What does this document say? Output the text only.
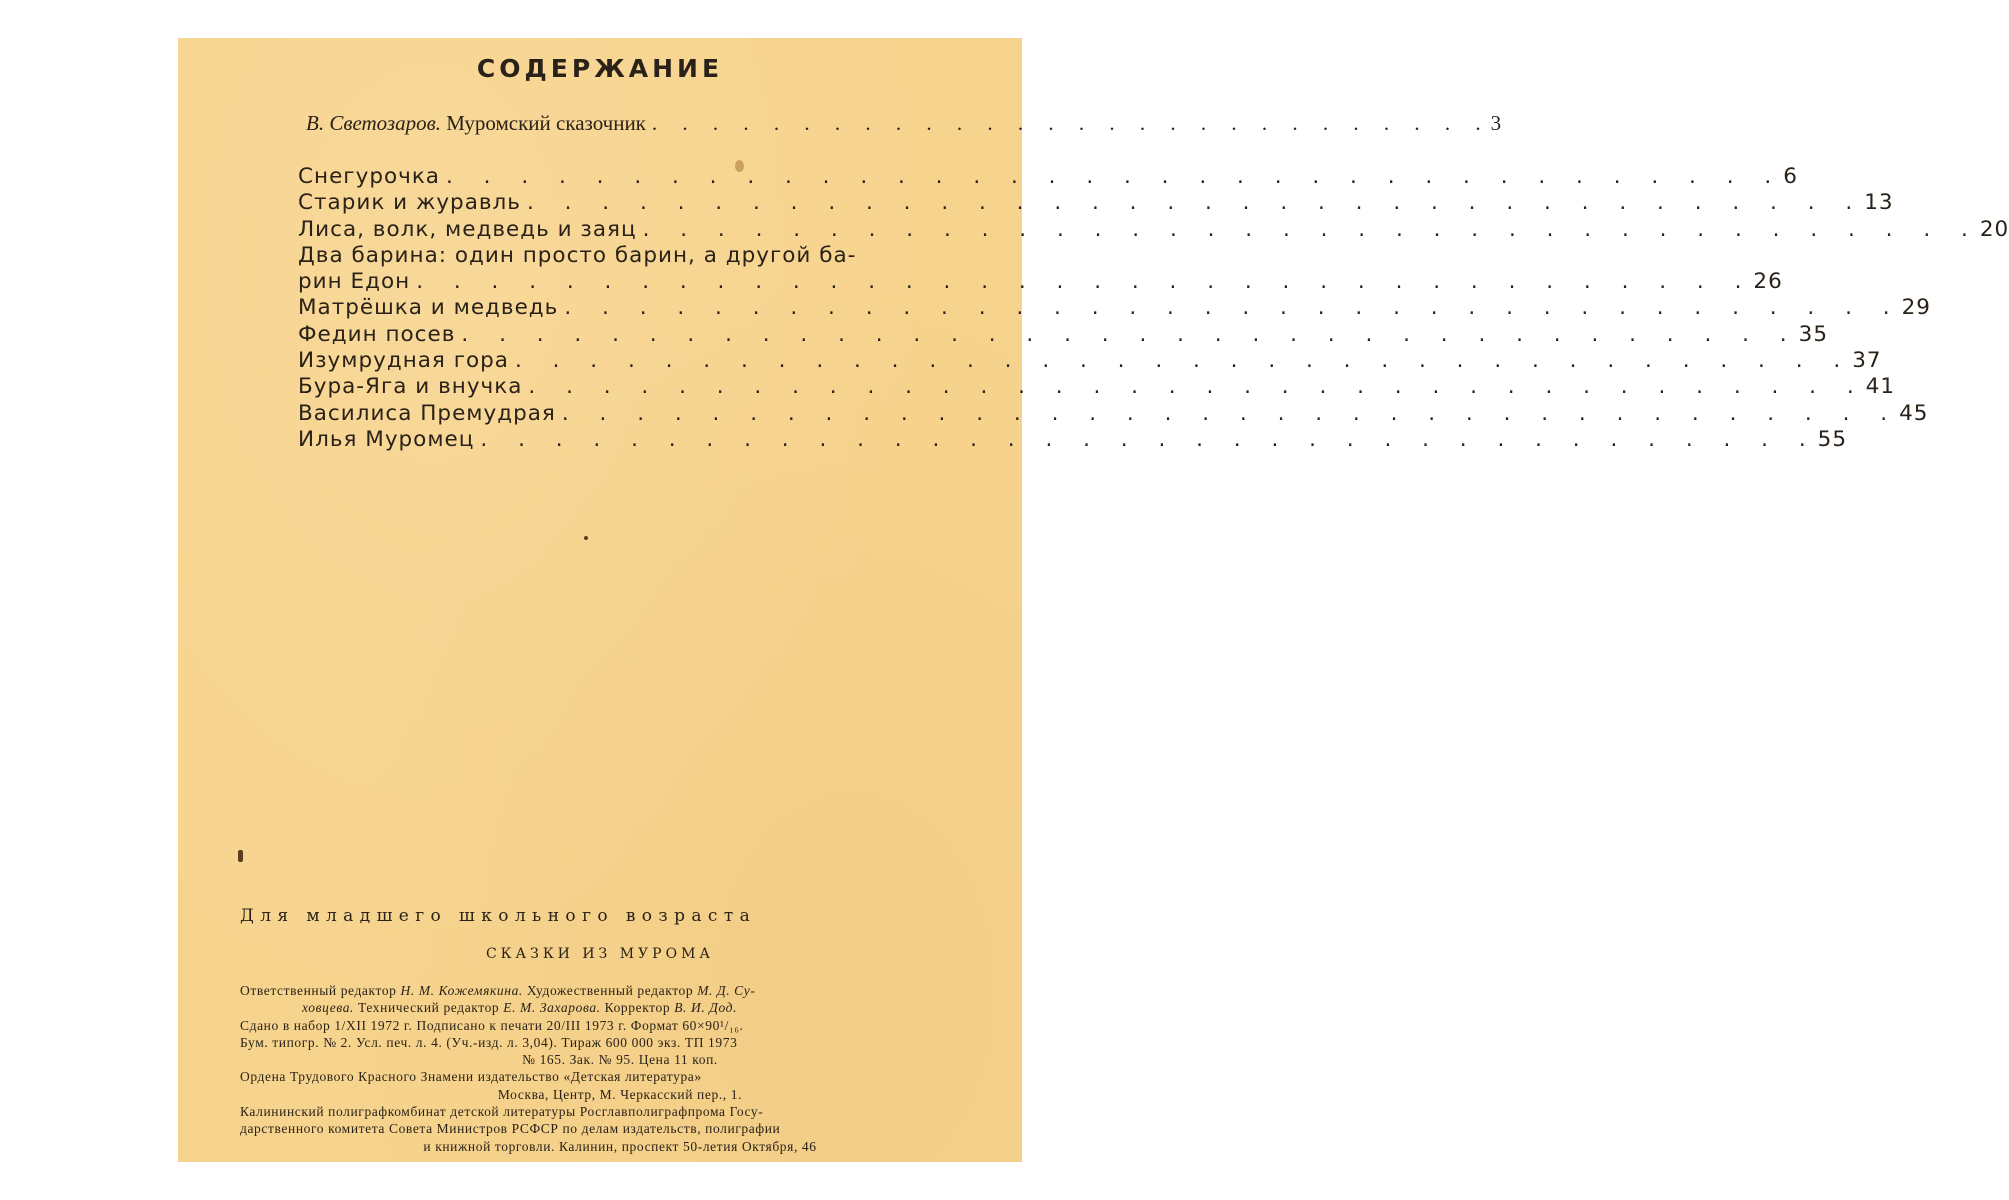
СОДЕРЖАНИЕ
В. Светозаров. Муромский сказочник . . . . . . . . . . . . . . . . . . . . . . . . . . . . 3
Снегурочка . . . . . . . . . . . . . . . . . . . . . . . . . . . . . . . . . . . . 6
Старик и журавль . . . . . . . . . . . . . . . . . . . . . . . . . . . . . . . . . . . . 13
Лиса, волк, медведь и заяц . . . . . . . . . . . . . . . . . . . . . . . . . . . . . . . . . . . . 20
Два барина: один просто барин, а другой ба-
рин Едон . . . . . . . . . . . . . . . . . . . . . . . . . . . . . . . . . . . . 26
Матрёшка и медведь . . . . . . . . . . . . . . . . . . . . . . . . . . . . . . . . . . . . 29
Федин посев . . . . . . . . . . . . . . . . . . . . . . . . . . . . . . . . . . . . 35
Изумрудная гора . . . . . . . . . . . . . . . . . . . . . . . . . . . . . . . . . . . . 37
Бура-Яга и внучка . . . . . . . . . . . . . . . . . . . . . . . . . . . . . . . . . . . . 41
Василиса Премудрая . . . . . . . . . . . . . . . . . . . . . . . . . . . . . . . . . . . . 45
Илья Муромец . . . . . . . . . . . . . . . . . . . . . . . . . . . . . . . . . . . . 55
Для младшего школьного возраста
СКАЗКИ ИЗ МУРОМА
Ответственный редактор Н. М. Кожемякина. Художественный редактор М. Д. Су-
ховцева. Технический редактор Е. М. Захарова. Корректор В. И. Дод.
Сдано в набор 1/XII 1972 г. Подписано к печати 20/III 1973 г. Формат 60×90¹/₁₆.
Бум. типогр. № 2. Усл. печ. л. 4. (Уч.-изд. л. 3,04). Тираж 600 000 экз. ТП 1973
№ 165. Зак. № 95. Цена 11 коп.
Ордена Трудового Красного Знамени издательство «Детская литература»
Москва, Центр, М. Черкасский пер., 1.
Калининский полиграфкомбинат детской литературы Росглавполиграфпрома Госу-
дарственного комитета Совета Министров РСФСР по делам издательств, полиграфии
и книжной торговли. Калинин, проспект 50-летия Октября, 46
